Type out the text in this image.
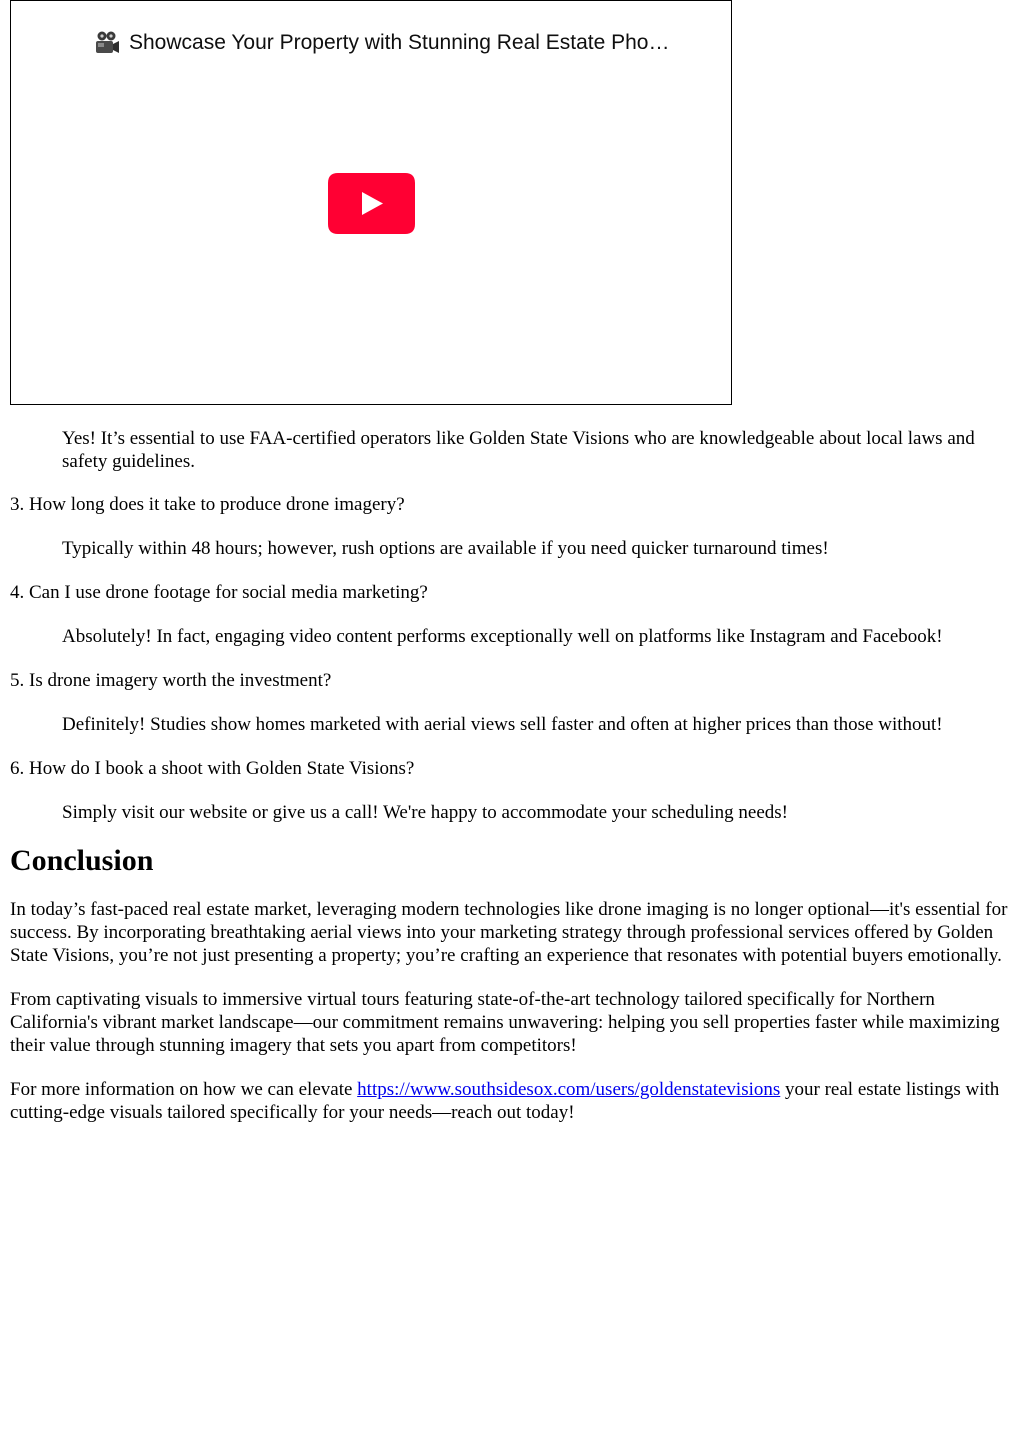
Showcase Your Property with Stunning Real Estate Pho…

Yes! It’s essential to use FAA-certified operators like Golden State Visions who are knowledgeable about local laws and safety guidelines.

3. How long does it take to produce drone imagery?

Typically within 48 hours; however, rush options are available if you need quicker turnaround times!

4. Can I use drone footage for social media marketing?

Absolutely! In fact, engaging video content performs exceptionally well on platforms like Instagram and Facebook!

5. Is drone imagery worth the investment?

Definitely! Studies show homes marketed with aerial views sell faster and often at higher prices than those without!

6. How do I book a shoot with Golden State Visions?

Simply visit our website or give us a call! We're happy to accommodate your scheduling needs!

Conclusion

In today’s fast-paced real estate market, leveraging modern technologies like drone imaging is no longer optional—it's essential for success. By incorporating breathtaking aerial views into your marketing strategy through professional services offered by Golden State Visions, you’re not just presenting a property; you’re crafting an experience that resonates with potential buyers emotionally.

From captivating visuals to immersive virtual tours featuring state-of-the-art technology tailored specifically for Northern California's vibrant market landscape—our commitment remains unwavering: helping you sell properties faster while maximizing their value through stunning imagery that sets you apart from competitors!

For more information on how we can elevate https://www.southsidesox.com/users/goldenstatevisions your real estate listings with cutting-edge visuals tailored specifically for your needs—reach out today!
